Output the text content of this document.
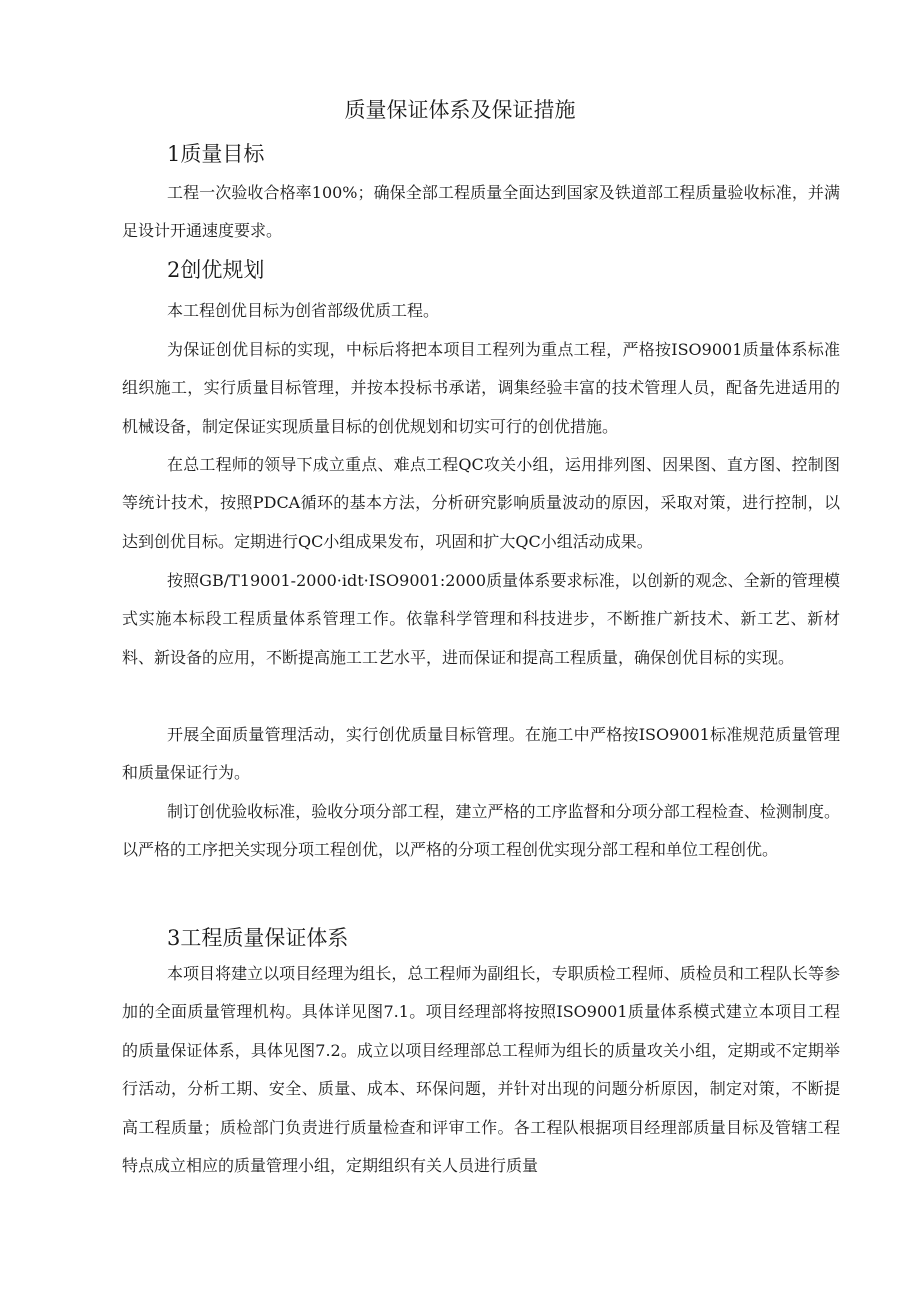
质量保证体系及保证措施
1质量目标

工程一次验收合格率100%；确保全部工程质量全面达到国家及铁道部工程质量验收标准，并满足设计开通速度要求。

2创优规划

本工程创优目标为创省部级优质工程。

为保证创优目标的实现，中标后将把本项目工程列为重点工程，严格按ISO9001质量体系标准组织施工，实行质量目标管理，并按本投标书承诺，调集经验丰富的技术管理人员，配备先进适用的机械设备，制定保证实现质量目标的创优规划和切实可行的创优措施。

在总工程师的领导下成立重点、难点工程QC攻关小组，运用排列图、因果图、直方图、控制图等统计技术，按照PDCA循环的基本方法，分析研究影响质量波动的原因，采取对策，进行控制，以达到创优目标。定期进行QC小组成果发布，巩固和扩大QC小组活动成果。

按照GB/T19001-2000·idt·ISO9001:2000质量体系要求标准，以创新的观念、全新的管理模式实施本标段工程质量体系管理工作。依靠科学管理和科技进步，不断推广新技术、新工艺、新材料、新设备的应用，不断提高施工工艺水平，进而保证和提高工程质量，确保创优目标的实现。

开展全面质量管理活动，实行创优质量目标管理。在施工中严格按ISO9001标准规范质量管理和质量保证行为。

制订创优验收标准，验收分项分部工程，建立严格的工序监督和分项分部工程检查、检测制度。以严格的工序把关实现分项工程创优，以严格的分项工程创优实现分部工程和单位工程创优。

3工程质量保证体系

本项目将建立以项目经理为组长，总工程师为副组长，专职质检工程师、质检员和工程队长等参加的全面质量管理机构。具体详见图7.1。项目经理部将按照ISO9001质量体系模式建立本项目工程的质量保证体系，具体见图7.2。成立以项目经理部总工程师为组长的质量攻关小组，定期或不定期举行活动，分析工期、安全、质量、成本、环保问题，并针对出现的问题分析原因，制定对策，不断提高工程质量；质检部门负责进行质量检查和评审工作。各工程队根据项目经理部质量目标及管辖工程特点成立相应的质量管理小组，定期组织有关人员进行质量
